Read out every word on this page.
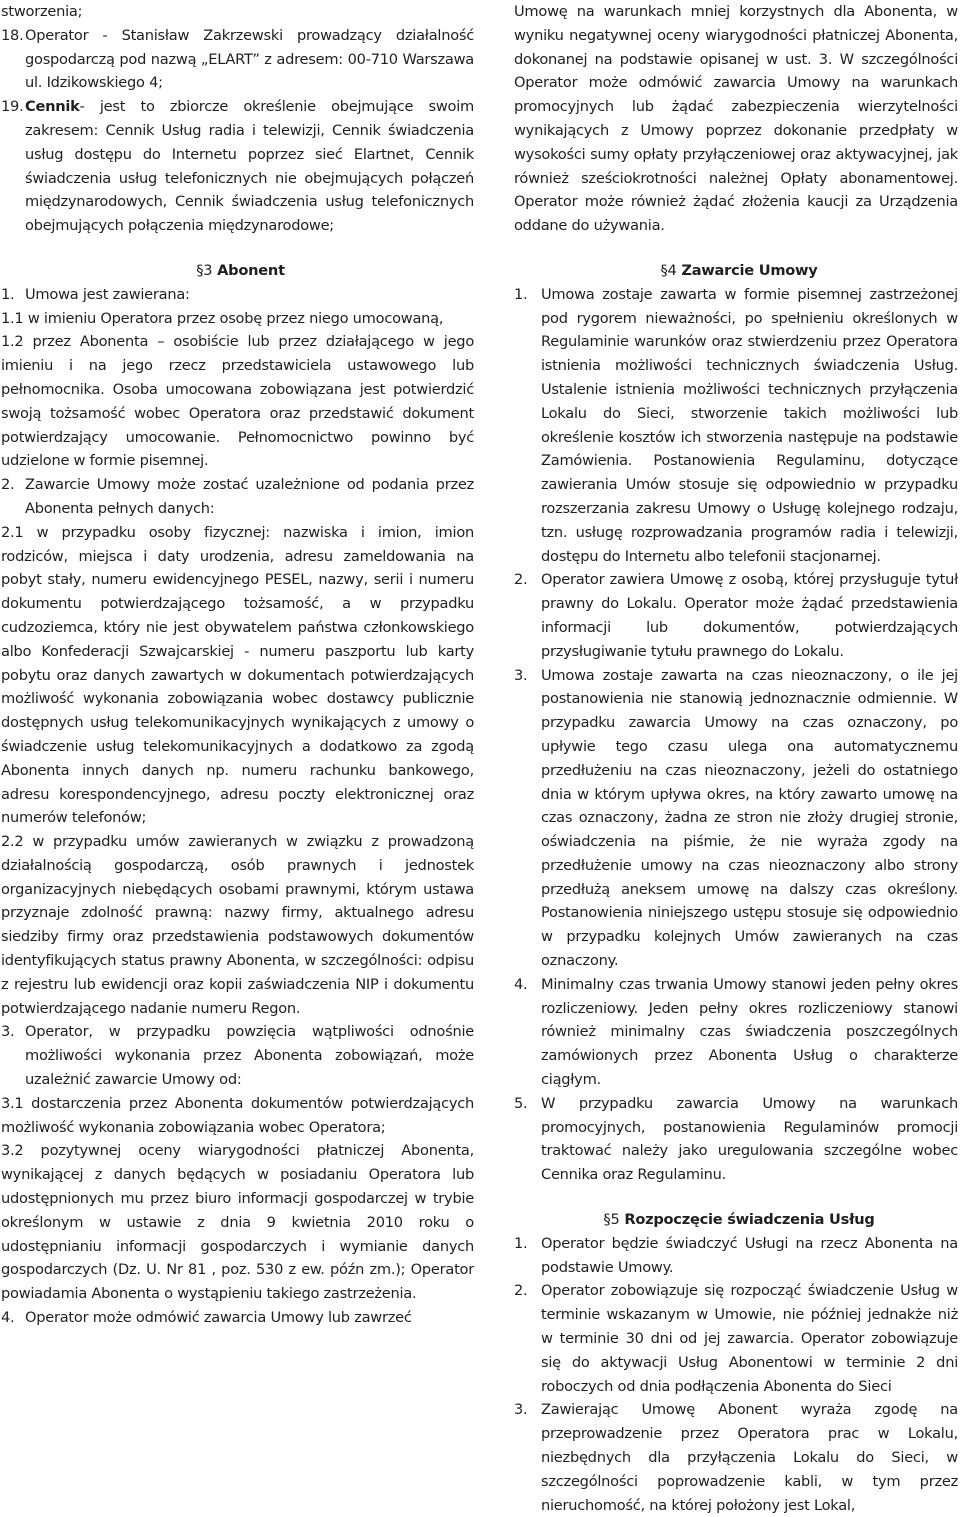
stworzenia;
18. Operator - Stanisław Zakrzewski prowadzący działalność gospodarczą pod nazwą „ELART” z adresem: 00-710 Warszawa ul. Idzikowskiego 4;
19. Cennik- jest to zbiorcze określenie obejmujące swoim zakresem: Cennik Usług radia i telewizji, Cennik świadczenia usług dostępu do Internetu poprzez sieć Elartnet, Cennik świadczenia usług telefonicznych nie obejmujących połączeń międzynarodowych, Cennik świadczenia usług telefonicznych obejmujących połączenia międzynarodowe;
§3 Abonent
1. Umowa jest zawierana:
1.1 w imieniu Operatora przez osobę przez niego umocowaną,
1.2 przez Abonenta – osobiście lub przez działającego w jego imieniu i na jego rzecz przedstawiciela ustawowego lub pełnomocnika. Osoba umocowana zobowiązana jest potwierdzić swoją tożsamość wobec Operatora oraz przedstawić dokument potwierdzający umocowanie. Pełnomocnictwo powinno być udzielone w formie pisemnej.
2. Zawarcie Umowy może zostać uzależnione od podania przez Abonenta pełnych danych:
2.1 w przypadku osoby fizycznej: nazwiska i imion, imion rodziców, miejsca i daty urodzenia, adresu zameldowania na pobyt stały, numeru ewidencyjnego PESEL, nazwy, serii i numeru dokumentu potwierdzającego tożsamość, a w przypadku cudzoziemca, który nie jest obywatelem państwa członkowskiego albo Konfederacji Szwajcarskiej - numeru paszportu lub karty pobytu oraz danych zawartych w dokumentach potwierdzających możliwość wykonania zobowiązania wobec dostawcy publicznie dostępnych usług telekomunikacyjnych wynikających z umowy o świadczenie usług telekomunikacyjnych a dodatkowo za zgodą Abonenta innych danych np. numeru rachunku bankowego, adresu korespondencyjnego, adresu poczty elektronicznej oraz numerów telefonów;
2.2 w przypadku umów zawieranych w związku z prowadzoną działalnością gospodarczą, osób prawnych i jednostek organizacyjnych niebędących osobami prawnymi, którym ustawa przyznaje zdolność prawną: nazwy firmy, aktualnego adresu siedziby firmy oraz przedstawienia podstawowych dokumentów identyfikujących status prawny Abonenta, w szczególności: odpisu z rejestru lub ewidencji oraz kopii zaświadczenia NIP i dokumentu potwierdzającego nadanie numeru Regon.
3. Operator, w przypadku powzięcia wątpliwości odnośnie możliwości wykonania przez Abonenta zobowiązań, może uzależnić zawarcie Umowy od:
3.1 dostarczenia przez Abonenta dokumentów potwierdzających możliwość wykonania zobowiązania wobec Operatora;
3.2 pozytywnej oceny wiarygodności płatniczej Abonenta, wynikającej z danych będących w posiadaniu Operatora lub udostępnionych mu przez biuro informacji gospodarczej w trybie określonym w ustawie z dnia 9 kwietnia 2010 roku o udostępnianiu informacji gospodarczych i wymianie danych gospodarczych (Dz. U. Nr 81 , poz. 530 z ew. późn zm.); Operator powiadamia Abonenta o wystąpieniu takiego zastrzeżenia.
4. Operator może odmówić zawarcia Umowy lub zawrzeć
Umowę na warunkach mniej korzystnych dla Abonenta, w wyniku negatywnej oceny wiarygodności płatniczej Abonenta, dokonanej na podstawie opisanej w ust. 3. W szczególności Operator może odmówić zawarcia Umowy na warunkach promocyjnych lub żądać zabezpieczenia wierzytelności wynikających z Umowy poprzez dokonanie przedpłaty w wysokości sumy opłaty przyłączeniowej oraz aktywacyjnej, jak również sześciokrotności należnej Opłaty abonamentowej. Operator może również żądać złożenia kaucji za Urządzenia oddane do używania.
§4 Zawarcie Umowy
1. Umowa zostaje zawarta w formie pisemnej zastrzeżonej pod rygorem nieważności, po spełnieniu określonych w Regulaminie warunków oraz stwierdzeniu przez Operatora istnienia możliwości technicznych świadczenia Usług. Ustalenie istnienia możliwości technicznych przyłączenia Lokalu do Sieci, stworzenie takich możliwości lub określenie kosztów ich stworzenia następuje na podstawie Zamówienia. Postanowienia Regulaminu, dotyczące zawierania Umów stosuje się odpowiednio w przypadku rozszerzania zakresu Umowy o Usługę kolejnego rodzaju, tzn. usługę rozprowadzania programów radia i telewizji, dostępu do Internetu albo telefonii stacjonarnej.
2. Operator zawiera Umowę z osobą, której przysługuje tytuł prawny do Lokalu. Operator może żądać przedstawienia informacji lub dokumentów, potwierdzających przysługiwanie tytułu prawnego do Lokalu.
3. Umowa zostaje zawarta na czas nieoznaczony, o ile jej postanowienia nie stanowią jednoznacznie odmiennie. W przypadku zawarcia Umowy na czas oznaczony, po upływie tego czasu ulega ona automatycznemu przedłużeniu na czas nieoznaczony, jeżeli do ostatniego dnia w którym upływa okres, na który zawarto umowę na czas oznaczony, żadna ze stron nie złoży drugiej stronie, oświadczenia na piśmie, że nie wyraża zgody na przedłużenie umowy na czas nieoznaczony albo strony przedłużą aneksem umowę na dalszy czas określony. Postanowienia niniejszego ustępu stosuje się odpowiednio w przypadku kolejnych Umów zawieranych na czas oznaczony.
4. Minimalny czas trwania Umowy stanowi jeden pełny okres rozliczeniowy. Jeden pełny okres rozliczeniowy stanowi również minimalny czas świadczenia poszczególnych zamówionych przez Abonenta Usług o charakterze ciągłym.
5. W przypadku zawarcia Umowy na warunkach promocyjnych, postanowienia Regulaminów promocji traktować należy jako uregulowania szczególne wobec Cennika oraz Regulaminu.
§5 Rozpoczęcie świadczenia Usług
1. Operator będzie świadczyć Usługi na rzecz Abonenta na podstawie Umowy.
2. Operator zobowiązuje się rozpocząć świadczenie Usług w terminie wskazanym w Umowie, nie później jednakże niż w terminie 30 dni od jej zawarcia. Operator zobowiązuje się do aktywacji Usług Abonentowi w terminie 2 dni roboczych od dnia podłączenia Abonenta do Sieci
3. Zawierając Umowę Abonent wyraża zgodę na przeprowadzenie przez Operatora prac w Lokalu, niezbędnych dla przyłączenia Lokalu do Sieci, w szczególności poprowadzenie kabli, w tym przez nieruchomość, na której położony jest Lokal,
